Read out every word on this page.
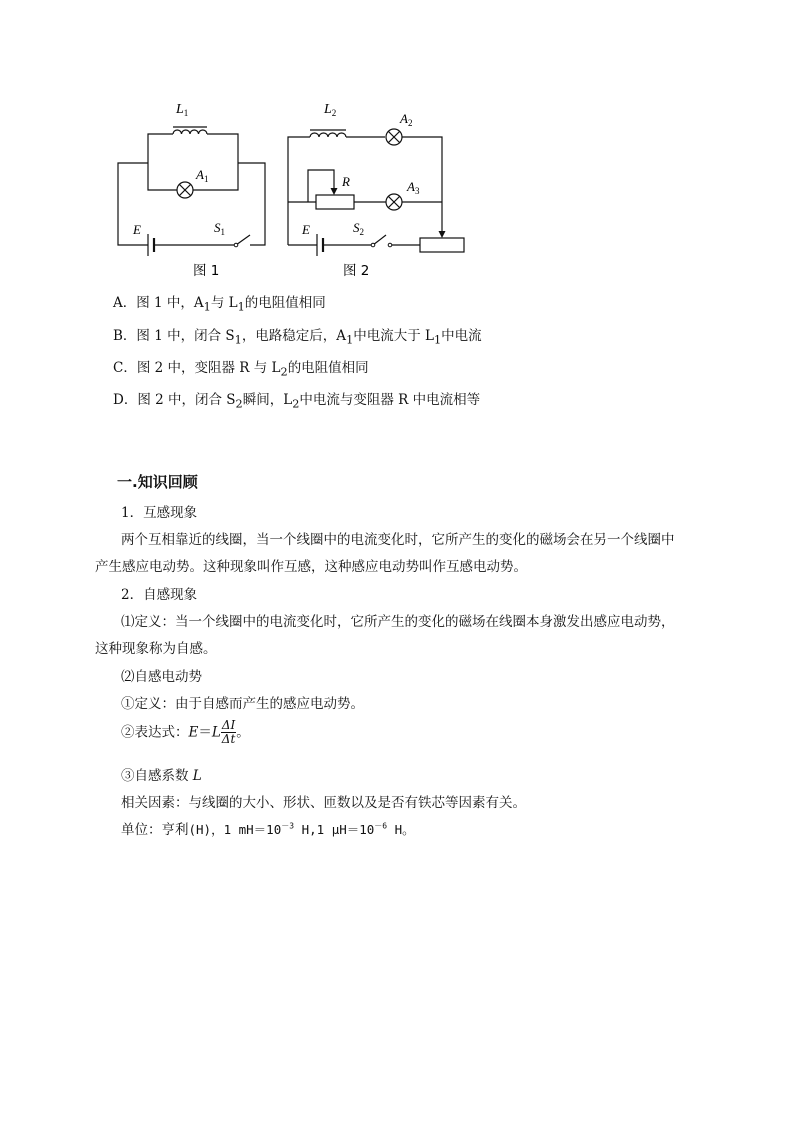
$L_1$
$A_1$
E	$S_1$
图 1
$L_2$	$A_2$
R	$A_3$
E	$S_2$
图 2
A．图 1 中，$A_1$与 $L_1$的电阻值相同
B．图 1 中，闭合 $S_1$，电路稳定后，$A_1$中电流大于 $L_1$中电流
C．图 2 中，变阻器 R 与 $L_2$的电阻值相同
D．图 2 中，闭合 $S_2$瞬间，$L_2$中电流与变阻器 R 中电流相等
一.知识回顾
1．互感现象
两个互相靠近的线圈，当一个线圈中的电流变化时，它所产生的变化的磁场会在另一个线圈中
产生感应电动势。这种现象叫作互感，这种感应电动势叫作互感电动势。
2．自感现象
⑴定义：当一个线圈中的电流变化时，它所产生的变化的磁场在线圈本身激发出感应电动势，
这种现象称为自感。
⑵自感电动势
①定义：由于自感而产生的感应电动势。
②表达式：$E=L \frac{\Delta I}{\Delta t}$ 。
③自感系数 L
相关因素：与线圈的大小、形状、匝数以及是否有铁芯等因素有关。
单位：亨利(H)，1 $mH=10^{-3}$ H,1 $\mu H=10^{-6}$ H。
